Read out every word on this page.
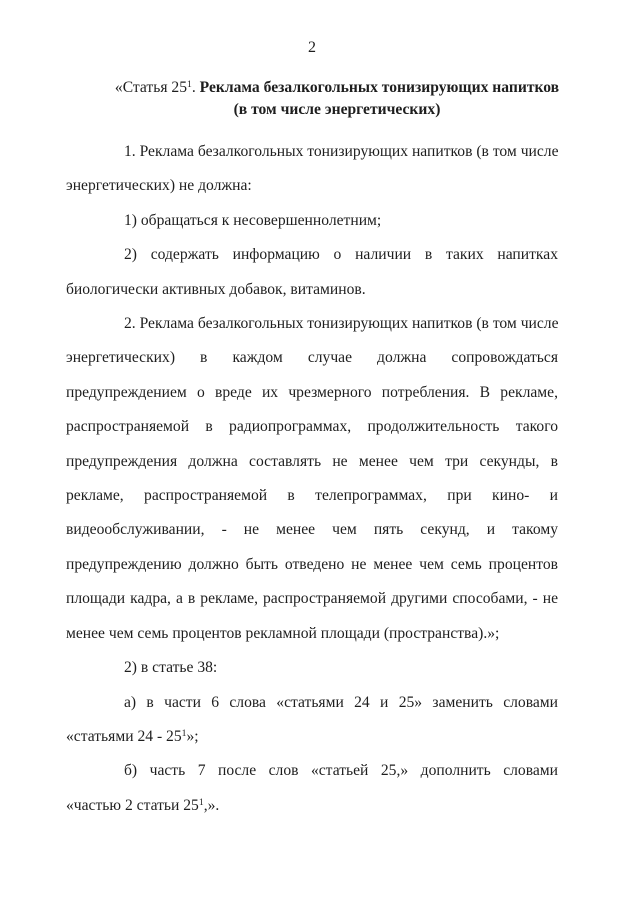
2
«Статья $25^1$. Реклама безалкогольных тонизирующих напитков
(в том числе энергетических)
1. Реклама безалкогольных тонизирующих напитков (в том числе
энергетических) не должна:
1) обращаться к несовершеннолетним;
2) содержать информацию о наличии в таких напитках
биологически активных добавок, витаминов.
2. Реклама безалкогольных тонизирующих напитков (в том числе
энергетических) в каждом случае должна сопровождаться
предупреждением о вреде их чрезмерного потребления. В рекламе,
распространяемой в радиопрограммах, продолжительность такого
предупреждения должна составлять не менее чем три секунды, в
рекламе, распространяемой в телепрограммах, при кино- и
видеообслуживании, - не менее чем пять секунд, и такому
предупреждению должно быть отведено не менее чем семь процентов
площади кадра, а в рекламе, распространяемой другими способами, - не
менее чем семь процентов рекламной площади (пространства).»;
2) в статье 38:
а) в части 6 слова «статьями 24 и 25» заменить словами
«статьями $24 - 25^1$»;
б) часть 7 после слов «статьей 25,» дополнить словами
«частью 2 статьи $25^1$,».
